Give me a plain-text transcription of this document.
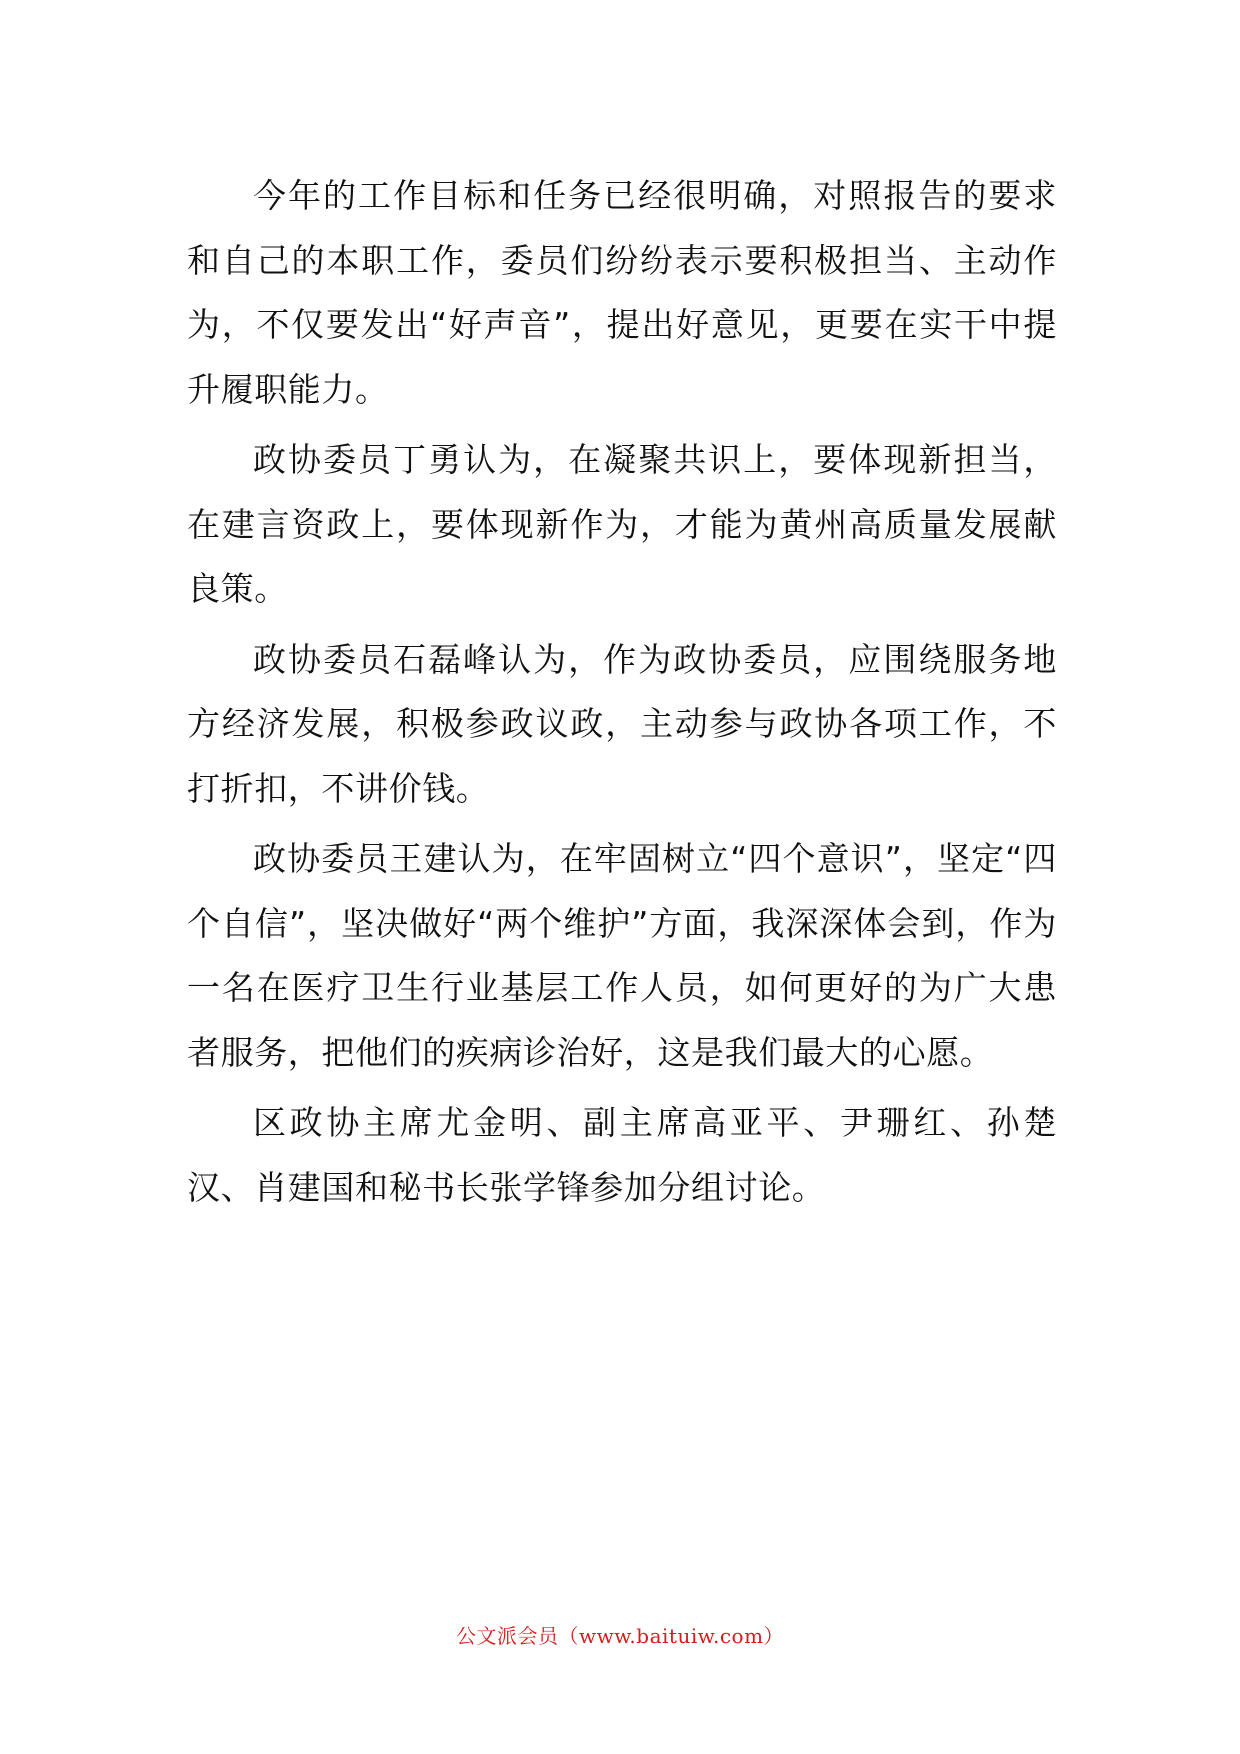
今年的工作目标和任务已经很明确，对照报告的要求和自己的本职工作，委员们纷纷表示要积极担当、主动作为，不仅要发出“好声音”，提出好意见，更要在实干中提升履职能力。

政协委员丁勇认为，在凝聚共识上，要体现新担当，在建言资政上，要体现新作为，才能为黄州高质量发展献良策。

政协委员石磊峰认为，作为政协委员，应围绕服务地方经济发展，积极参政议政，主动参与政协各项工作，不打折扣，不讲价钱。

政协委员王建认为，在牢固树立“四个意识”，坚定“四个自信”，坚决做好“两个维护”方面，我深深体会到，作为一名在医疗卫生行业基层工作人员，如何更好的为广大患者服务，把他们的疾病诊治好，这是我们最大的心愿。

区政协主席尤金明、副主席高亚平、尹珊红、孙楚汉、肖建国和秘书长张学锋参加分组讨论。

公文派会员（www.baituiw.com）
